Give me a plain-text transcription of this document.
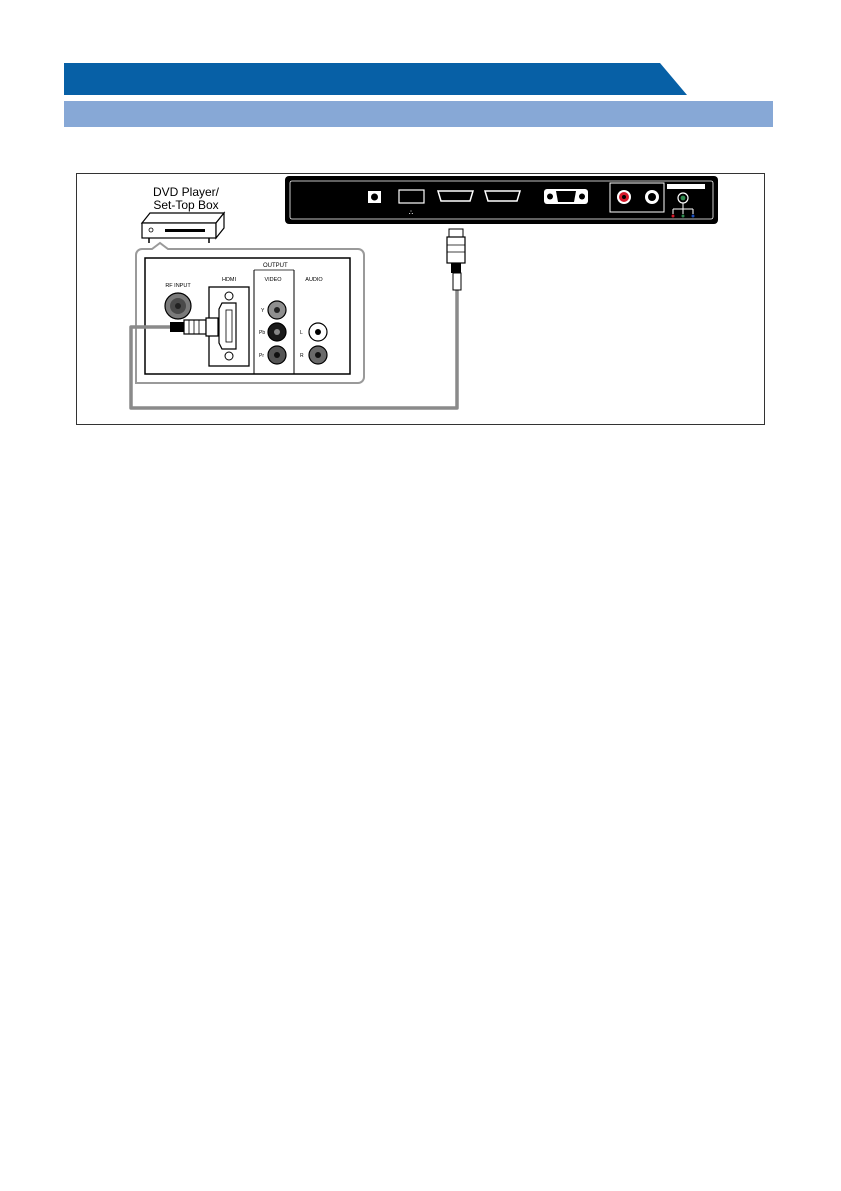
⛬
DVD Player/
Set-Top Box
OUTPUT
RF INPUT
HDMI	VIDEO	AUDIO
Y
Pb
Pr
L
R
